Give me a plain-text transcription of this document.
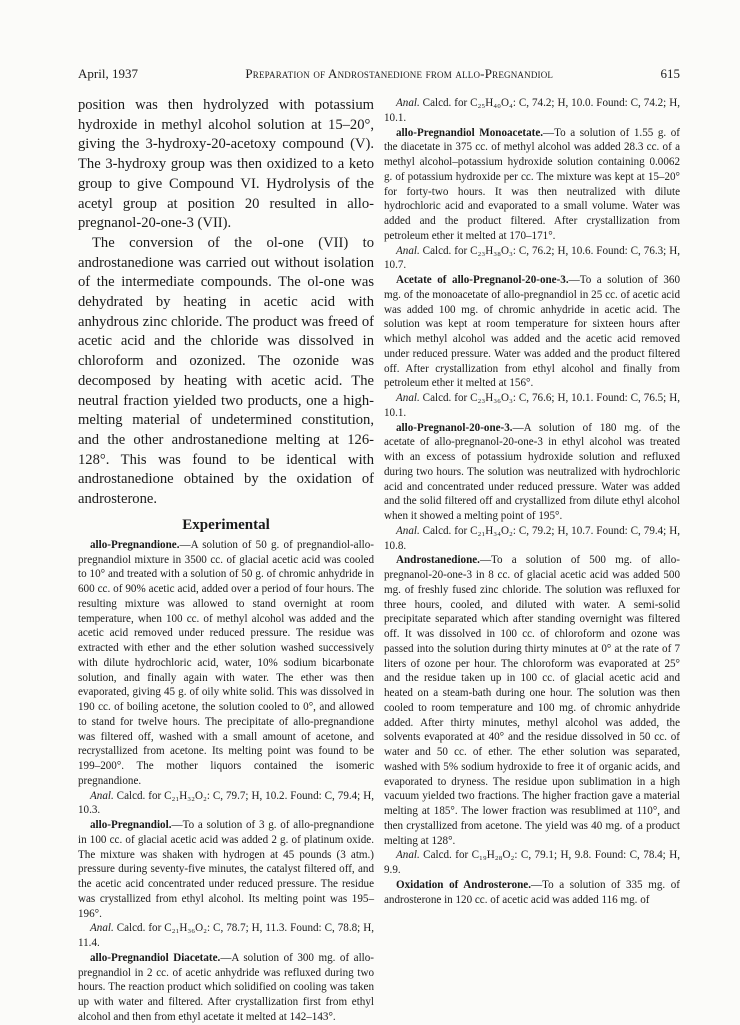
April, 1937	Preparation of Androstanedione from allo-Pregnandiol	615

position was then hydrolyzed with potassium hydroxide in methyl alcohol solution at 15–20°, giving the 3-hydroxy-20-acetoxy compound (V). The 3-hydroxy group was then oxidized to a keto group to give Compound VI. Hydrolysis of the acetyl group at position 20 resulted in allo-pregnanol-20-one-3 (VII).

The conversion of the ol-one (VII) to androstanedione was carried out without isolation of the intermediate compounds. The ol-one was dehydrated by heating in acetic acid with anhydrous zinc chloride. The product was freed of acetic acid and the chloride was dissolved in chloroform and ozonized. The ozonide was decomposed by heating with acetic acid. The neutral fraction yielded two products, one a high-melting material of undetermined constitution, and the other androstanedione melting at 126-128°. This was found to be identical with androstanedione obtained by the oxidation of androsterone.

Experimental

allo-Pregnandione.—A solution of 50 g. of pregnandiol-allo-pregnandiol mixture in 3500 cc. of glacial acetic acid was cooled to 10° and treated with a solution of 50 g. of chromic anhydride in 600 cc. of 90% acetic acid, added over a period of four hours. The resulting mixture was allowed to stand overnight at room temperature, when 100 cc. of methyl alcohol was added and the acetic acid removed under reduced pressure. The residue was extracted with ether and the ether solution washed successively with dilute hydrochloric acid, water, 10% sodium bicarbonate solution, and finally again with water. The ether was then evaporated, giving 45 g. of oily white solid. This was dissolved in 190 cc. of boiling acetone, the solution cooled to 0°, and allowed to stand for twelve hours. The precipitate of allo-pregnandione was filtered off, washed with a small amount of acetone, and recrystallized from acetone. Its melting point was found to be 199–200°. The mother liquors contained the isomeric pregnandione.

Anal. Calcd. for C₂₁H₃₂O₂: C, 79.7; H, 10.2. Found: C, 79.4; H, 10.3.

allo-Pregnandiol.—To a solution of 3 g. of allo-pregnandione in 100 cc. of glacial acetic acid was added 2 g. of platinum oxide. The mixture was shaken with hydrogen at 45 pounds (3 atm.) pressure during seventy-five minutes, the catalyst filtered off, and the acetic acid concentrated under reduced pressure. The residue was crystallized from ethyl alcohol. Its melting point was 195–196°.

Anal. Calcd. for C₂₁H₃₆O₂: C, 78.7; H, 11.3. Found: C, 78.8; H, 11.4.

allo-Pregnandiol Diacetate.—A solution of 300 mg. of allo-pregnandiol in 2 cc. of acetic anhydride was refluxed during two hours. The reaction product which solidified on cooling was taken up with water and filtered. After crystallization first from ethyl alcohol and then from ethyl acetate it melted at 142–143°.

Anal. Calcd. for C₂₅H₄₀O₄: C, 74.2; H, 10.0. Found: C, 74.2; H, 10.1.

allo-Pregnandiol Monoacetate.—To a solution of 1.55 g. of the diacetate in 375 cc. of methyl alcohol was added 28.3 cc. of a methyl alcohol–potassium hydroxide solution containing 0.0062 g. of potassium hydroxide per cc. The mixture was kept at 15–20° for forty-two hours. It was then neutralized with dilute hydrochloric acid and evaporated to a small volume. Water was added and the product filtered. After crystallization from petroleum ether it melted at 170–171°.

Anal. Calcd. for C₂₃H₃₈O₃: C, 76.2; H, 10.6. Found: C, 76.3; H, 10.7.

Acetate of allo-Pregnanol-20-one-3.—To a solution of 360 mg. of the monoacetate of allo-pregnandiol in 25 cc. of acetic acid was added 100 mg. of chromic anhydride in acetic acid. The solution was kept at room temperature for sixteen hours after which methyl alcohol was added and the acetic acid removed under reduced pressure. Water was added and the product filtered off. After crystallization from ethyl alcohol and finally from petroleum ether it melted at 156°.

Anal. Calcd. for C₂₃H₃₆O₃: C, 76.6; H, 10.1. Found: C, 76.5; H, 10.1.

allo-Pregnanol-20-one-3.—A solution of 180 mg. of the acetate of allo-pregnanol-20-one-3 in ethyl alcohol was treated with an excess of potassium hydroxide solution and refluxed during two hours. The solution was neutralized with hydrochloric acid and concentrated under reduced pressure. Water was added and the solid filtered off and crystallized from dilute ethyl alcohol when it showed a melting point of 195°.

Anal. Calcd. for C₂₁H₃₄O₂: C, 79.2; H, 10.7. Found: C, 79.4; H, 10.8.

Androstanedione.—To a solution of 500 mg. of allo-pregnanol-20-one-3 in 8 cc. of glacial acetic acid was added 500 mg. of freshly fused zinc chloride. The solution was refluxed for three hours, cooled, and diluted with water. A semi-solid precipitate separated which after standing overnight was filtered off. It was dissolved in 100 cc. of chloroform and ozone was passed into the solution during thirty minutes at 0° at the rate of 7 liters of ozone per hour. The chloroform was evaporated at 25° and the residue taken up in 100 cc. of glacial acetic acid and heated on a steam-bath during one hour. The solution was then cooled to room temperature and 100 mg. of chromic anhydride added. After thirty minutes, methyl alcohol was added, the solvents evaporated at 40° and the residue dissolved in 50 cc. of water and 50 cc. of ether. The ether solution was separated, washed with 5% sodium hydroxide to free it of organic acids, and evaporated to dryness. The residue upon sublimation in a high vacuum yielded two fractions. The higher fraction gave a material melting at 185°. The lower fraction was resublimed at 110°, and then crystallized from acetone. The yield was 40 mg. of a product melting at 128°.

Anal. Calcd. for C₁₉H₂₈O₂: C, 79.1; H, 9.8. Found: C, 78.4; H, 9.9.

Oxidation of Androsterone.—To a solution of 335 mg. of androsterone in 120 cc. of acetic acid was added 116 mg. of
